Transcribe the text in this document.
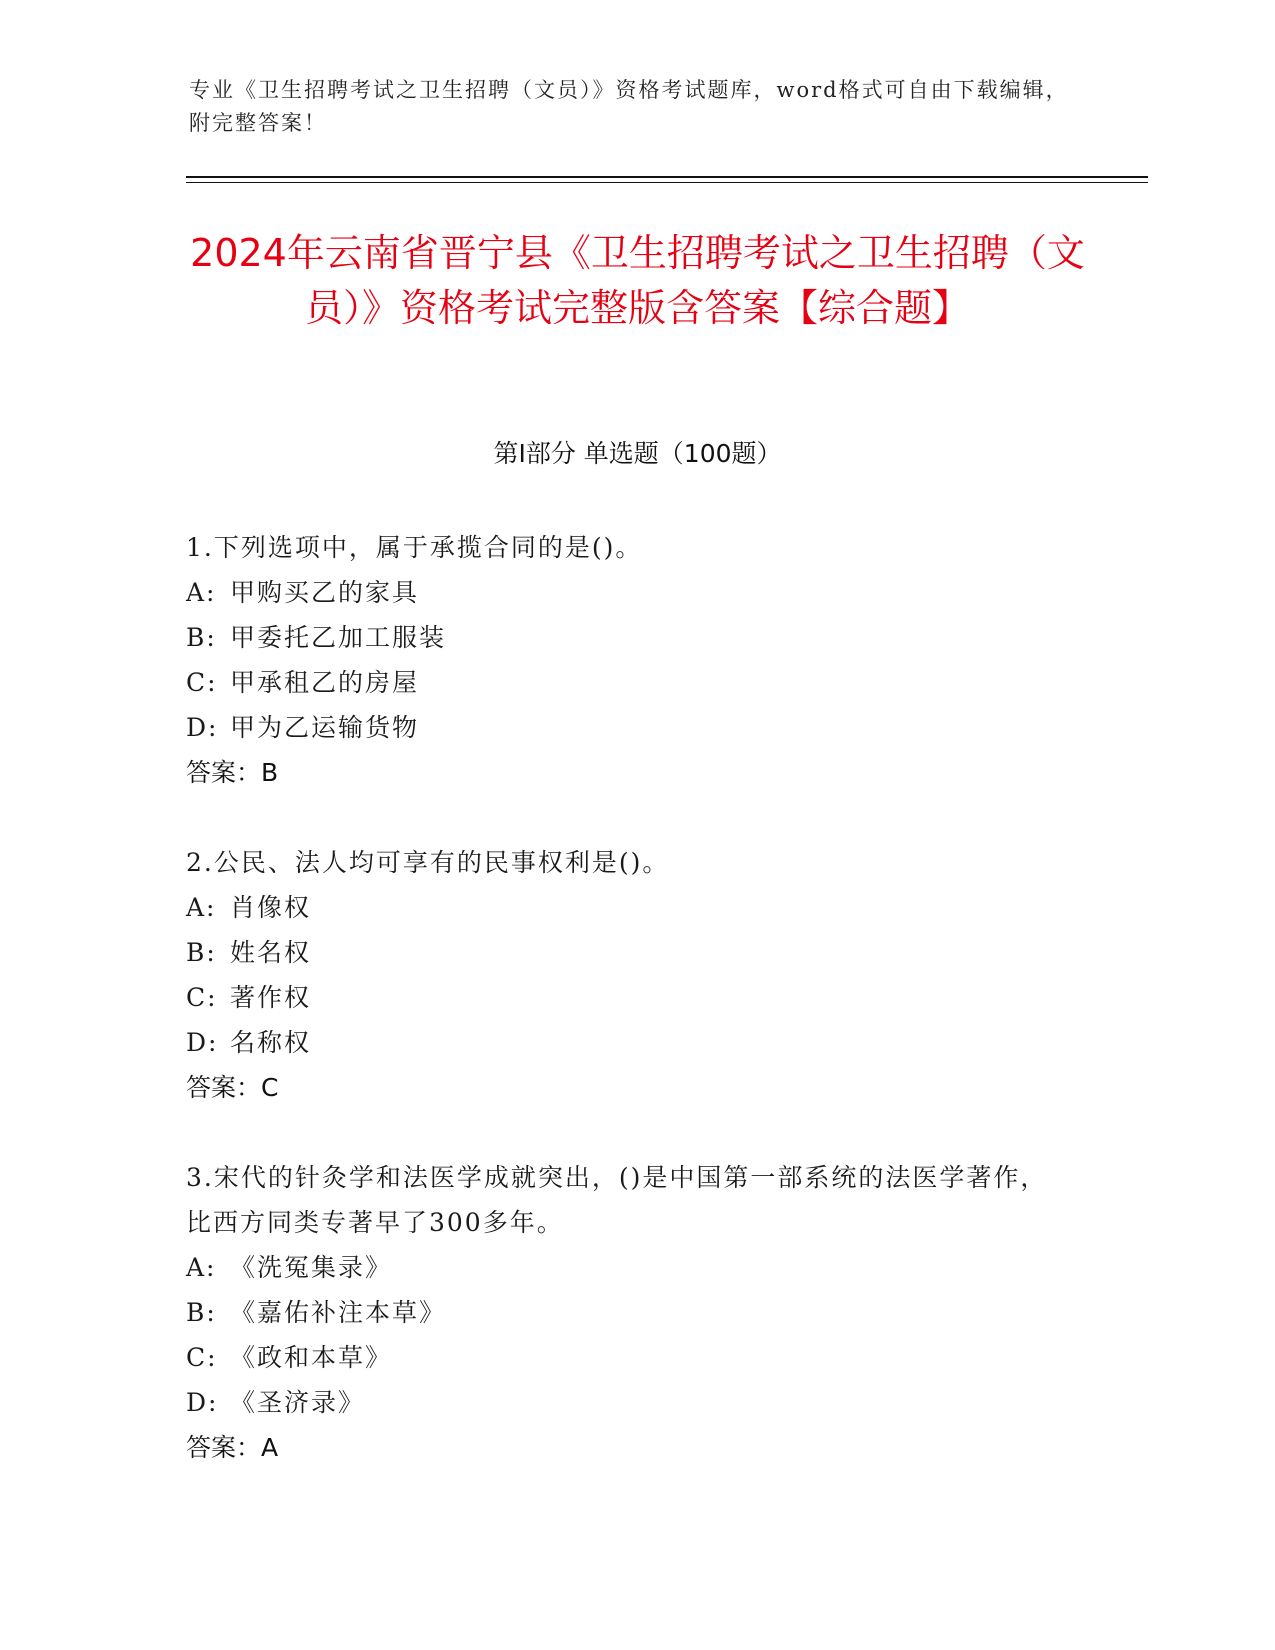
专业《卫生招聘考试之卫生招聘（文员）》资格考试题库，word格式可自由下载编辑，附完整答案！
2024年云南省晋宁县《卫生招聘考试之卫生招聘（文员）》资格考试完整版含答案【综合题】
第I部分 单选题（100题）
1.下列选项中，属于承揽合同的是()。
A: 甲购买乙的家具
B: 甲委托乙加工服装
C: 甲承租乙的房屋
D: 甲为乙运输货物
答案：B
2.公民、法人均可享有的民事权利是()。
A: 肖像权
B: 姓名权
C: 著作权
D: 名称权
答案：C
3.宋代的针灸学和法医学成就突出，()是中国第一部系统的法医学著作，比西方同类专著早了300多年。
A: 《洗冤集录》
B: 《嘉佑补注本草》
C: 《政和本草》
D: 《圣济录》
答案：A
